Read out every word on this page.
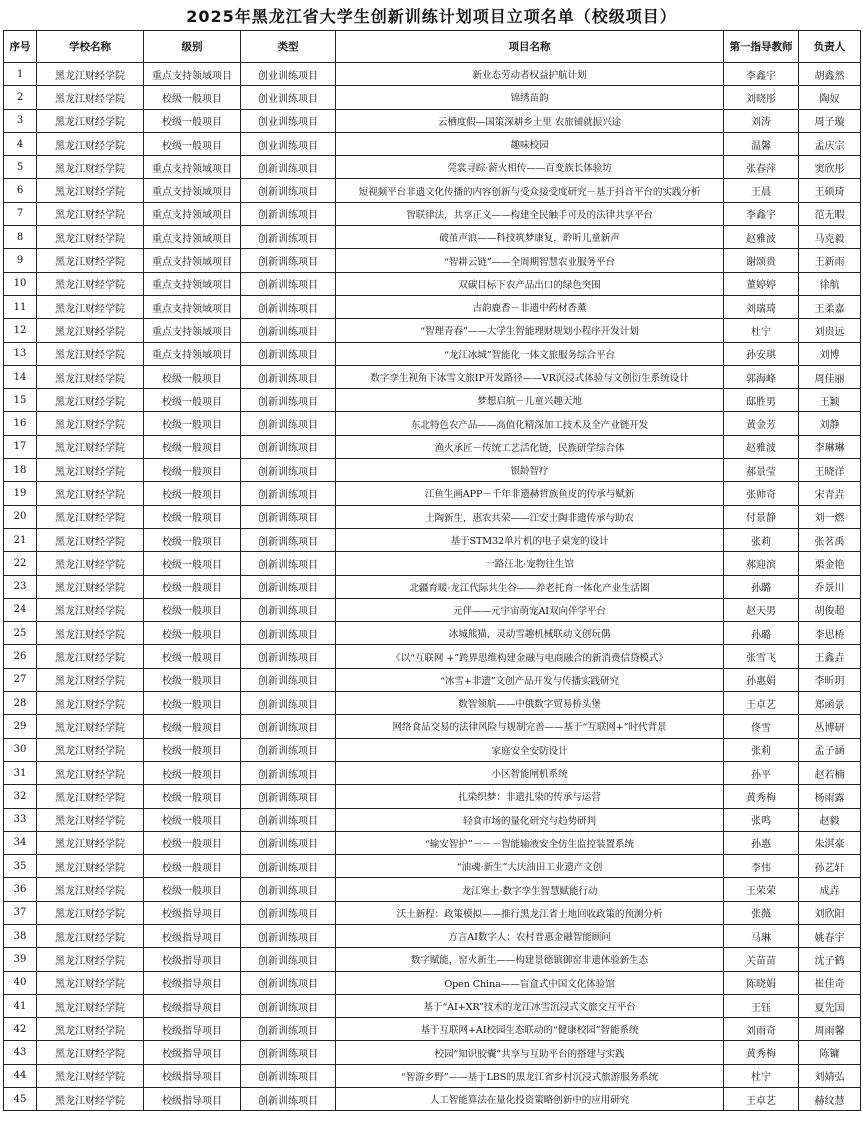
2025年黑龙江省大学生创新训练计划项目立项名单（校级项目）
序号	学校名称	级别	类型	项目名称	第一指导教师	负责人
1	黑龙江财经学院	重点支持领域项目	创业训练项目	新业态劳动者权益护航计划	李鑫宇	胡鑫然
2	黑龙江财经学院	校级一般项目	创业训练项目	锦绣苗韵	刘晓彤	陶奴
3	黑龙江财经学院	校级一般项目	创业训练项目	云栖度假—国策深耕乡土里 农旅铺就振兴途	刘涛	周子璇
4	黑龙江财经学院	校级一般项目	创业训练项目	趣味校园	温馨	孟庆宗
5	黑龙江财经学院	重点支持领域项目	创新训练项目	莞裳寻踪·薪火相传——百变族长体验坊	张春萍	窦欣彤
6	黑龙江财经学院	重点支持领域项目	创新训练项目	短视频平台非遗文化传播的内容创新与受众接受度研究－基于抖音平台的实践分析	王晨	王硕琦
7	黑龙江财经学院	重点支持领域项目	创新训练项目	智联律法，共享正义——构建全民触手可及的法律共享平台	李鑫宇	范无暇
8	黑龙江财经学院	重点支持领域项目	创新训练项目	破茧声浪——科技筑梦康复，聆听儿童新声	赵雅波	马克毅
9	黑龙江财经学院	重点支持领域项目	创新训练项目	“智耕云链”——全周期智慧农业服务平台	谢颂贵	王新雨
10	黑龙江财经学院	重点支持领域项目	创新训练项目	双碳目标下农产品出口的绿色突围	董婷婷	徐航
11	黑龙江财经学院	重点支持领域项目	创新训练项目	古韵鹿香－非遗中药材香薰	刘瑞琦	王柔嘉
12	黑龙江财经学院	重点支持领域项目	创新训练项目	“智理青春”——大学生智能理财规划小程序开发计划	杜宁	刘贵远
13	黑龙江财经学院	重点支持领域项目	创新训练项目	“龙江冰城”智能化一体文旅服务综合平台	孙安琪	刘博
14	黑龙江财经学院	校级一般项目	创新训练项目	数字孪生视角下冰雪文旅IP开发路径——VR沉浸式体验与文创衍生系统设计	郭海峰	周佳丽
15	黑龙江财经学院	校级一般项目	创新训练项目	梦想启航－儿童兴趣天地	邸胜男	王颖
16	黑龙江财经学院	校级一般项目	创新训练项目	东北特色农产品——高值化精深加工技术及全产业链开发	黄金芳	刘静
17	黑龙江财经学院	校级一般项目	创新训练项目	渔火承匠－传统工艺活化链，民族研学综合体	赵雅波	李琳琳
18	黑龙江财经学院	校级一般项目	创新训练项目	银龄智疗	郝景莹	王晓洋
19	黑龙江财经学院	校级一般项目	创新训练项目	江鱼生画APP－千年非遗赫哲族鱼皮的传承与赋新	张帅奇	宋青垚
20	黑龙江财经学院	校级一般项目	创新训练项目	土陶新生，惠农共荣——江安土陶非遗传承与助农	付景静	刘一燃
21	黑龙江财经学院	校级一般项目	创新训练项目	基于STM32单片机的电子桌宠的设计	张莉	张茗禹
22	黑龙江财经学院	校级一般项目	创新训练项目	一路汪北·宠物往生馆	郝迎滨	栗金艳
23	黑龙江财经学院	校级一般项目	创新训练项目	北疆育暖·龙江代际共生谷——养老托育一体化产业生活圈	孙璐	乔景川
24	黑龙江财经学院	校级一般项目	创新训练项目	元伴——元宇宙萌宠AI双向伴学平台	赵天男	胡俊超
25	黑龙江财经学院	校级一般项目	创新训练项目	冰城熊猫，灵动雪趣机械联动文创玩偶	孙璐	李思桥
26	黑龙江财经学院	校级一般项目	创新训练项目	《以“互联网 +”跨界思维构建金融与电商融合的新消费信贷模式》	张雪飞	王鑫垚
27	黑龙江财经学院	校级一般项目	创新训练项目	“冰雪+非遗”文创产品开发与传播实践研究	孙惠娟	李昕玥
28	黑龙江财经学院	校级一般项目	创新训练项目	数智领航——中俄数字贸易桥头堡	王卓艺	郑函景
29	黑龙江财经学院	校级一般项目	创新训练项目	网络食品交易的法律风险与规制完善——基于“互联网+”时代背景	佟雪	丛博研
30	黑龙江财经学院	校级一般项目	创新训练项目	家庭安全安防设计	张莉	孟子涵
31	黑龙江财经学院	校级一般项目	创新训练项目	小区智能闸机系统	孙平	赵若楠
32	黑龙江财经学院	校级一般项目	创新训练项目	扎染织梦：非遗扎染的传承与运营	黄秀梅	杨雨露
33	黑龙江财经学院	校级一般项目	创新训练项目	轻食市场的量化研究与趋势研判	张鸣	赵毅
34	黑龙江财经学院	校级一般项目	创新训练项目	“输安智护”－－－智能输液安全仿生监控装置系统	孙惠	朱淇豪
35	黑龙江财经学院	校级一般项目	创新训练项目	“油魂·新生”大庆油田工业遗产文创	李伟	孙艺轩
36	黑龙江财经学院	校级一般项目	创新训练项目	龙江寒土·数字孪生智慧赋能行动	王荣荣	成垚
37	黑龙江财经学院	校级指导项目	创新训练项目	沃土新程：政策模拟——推行黑龙江省土地回收政策的预测分析	张薇	刘欣阳
38	黑龙江财经学院	校级指导项目	创新训练项目	方言AI数字人：农村普惠金融智能顾问	马琳	姚春宇
39	黑龙江财经学院	校级指导项目	创新训练项目	数字赋能，窑火新生——构建景德镇御窑非遗体验新生态	关苗苗	沈子鹤
40	黑龙江财经学院	校级指导项目	创新训练项目	Open China——盲盒式中国文化体验馆	陈晓娟	崔佳奇
41	黑龙江财经学院	校级指导项目	创新训练项目	基于“AI+XR”技术的龙江冰雪沉浸式文旅交互平台	王钰	夏先国
42	黑龙江财经学院	校级指导项目	创新训练项目	基于互联网+AI校园生态联动的“健康校园”智能系统	刘雨奇	周雨馨
43	黑龙江财经学院	校级指导项目	创新训练项目	校园“知识胶囊”共享与互助平台的搭建与实践	黄秀梅	陈镛
44	黑龙江财经学院	校级指导项目	创新训练项目	“智游乡野”——基于LBS的黑龙江省乡村沉浸式旅游服务系统	杜宁	刘婧弘
45	黑龙江财经学院	校级指导项目	创新训练项目	人工智能算法在量化投资策略创新中的应用研究	王卓艺	赫纹慧
